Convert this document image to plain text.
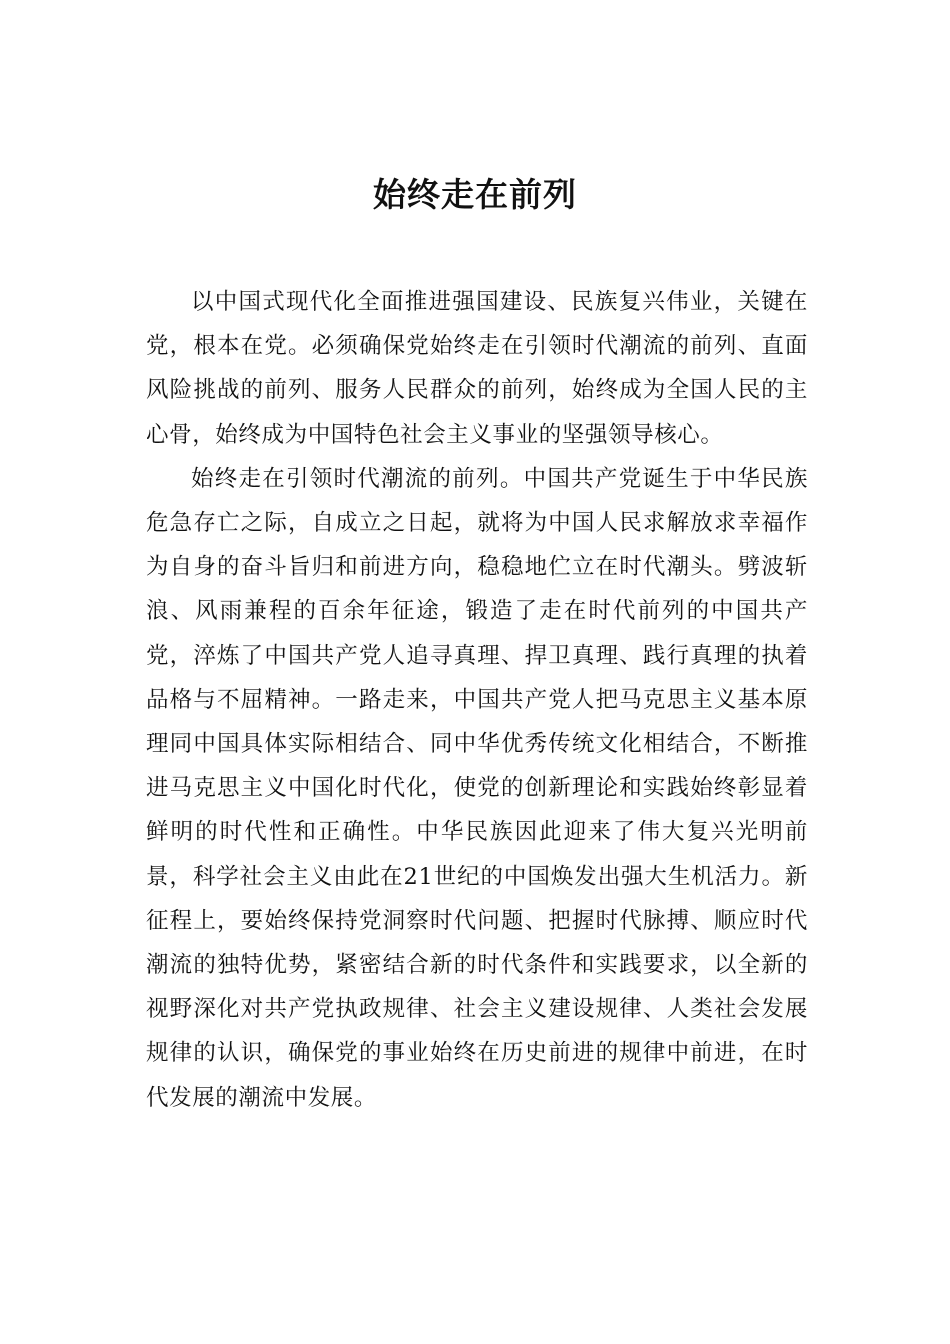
始终走在前列

以中国式现代化全面推进强国建设、民族复兴伟业，关键在党，根本在党。必须确保党始终走在引领时代潮流的前列、直面风险挑战的前列、服务人民群众的前列，始终成为全国人民的主心骨，始终成为中国特色社会主义事业的坚强领导核心。

始终走在引领时代潮流的前列。中国共产党诞生于中华民族危急存亡之际，自成立之日起，就将为中国人民求解放求幸福作为自身的奋斗旨归和前进方向，稳稳地伫立在时代潮头。劈波斩浪、风雨兼程的百余年征途，锻造了走在时代前列的中国共产党，淬炼了中国共产党人追寻真理、捍卫真理、践行真理的执着品格与不屈精神。一路走来，中国共产党人把马克思主义基本原理同中国具体实际相结合、同中华优秀传统文化相结合，不断推进马克思主义中国化时代化，使党的创新理论和实践始终彰显着鲜明的时代性和正确性。中华民族因此迎来了伟大复兴光明前景，科学社会主义由此在21世纪的中国焕发出强大生机活力。新征程上，要始终保持党洞察时代问题、把握时代脉搏、顺应时代潮流的独特优势，紧密结合新的时代条件和实践要求，以全新的视野深化对共产党执政规律、社会主义建设规律、人类社会发展规律的认识，确保党的事业始终在历史前进的规律中前进，在时代发展的潮流中发展。
